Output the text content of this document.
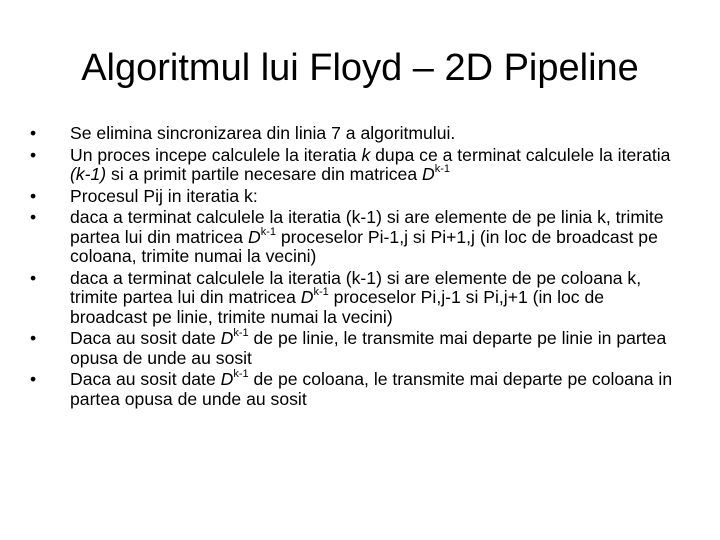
Algoritmul lui Floyd – 2D Pipeline
•	Se elimina sincronizarea din linia 7 a algoritmului.
•	Un proces incepe calculele la iteratia k dupa ce a terminat calculele la iteratia (k-1) si a primit partile necesare din matricea $D^{k-1}$
•	Procesul Pij in iteratia k:
•	daca a terminat calculele la iteratia (k-1) si are elemente de pe linia k, trimite partea lui din matricea $D^{k-1}$ proceselor Pi-1,j si Pi+1,j (in loc de broadcast pe coloana, trimite numai la vecini)
•	daca a terminat calculele la iteratia (k-1) si are elemente de pe coloana k, trimite partea lui din matricea $D^{k-1}$ proceselor Pi,j-1 si Pi,j+1 (in loc de broadcast pe linie, trimite numai la vecini)
•	Daca au sosit date $D^{k-1}$ de pe linie, le transmite mai departe pe linie in partea opusa de unde au sosit
•	Daca au sosit date $D^{k-1}$ de pe coloana, le transmite mai departe pe coloana in partea opusa de unde au sosit
